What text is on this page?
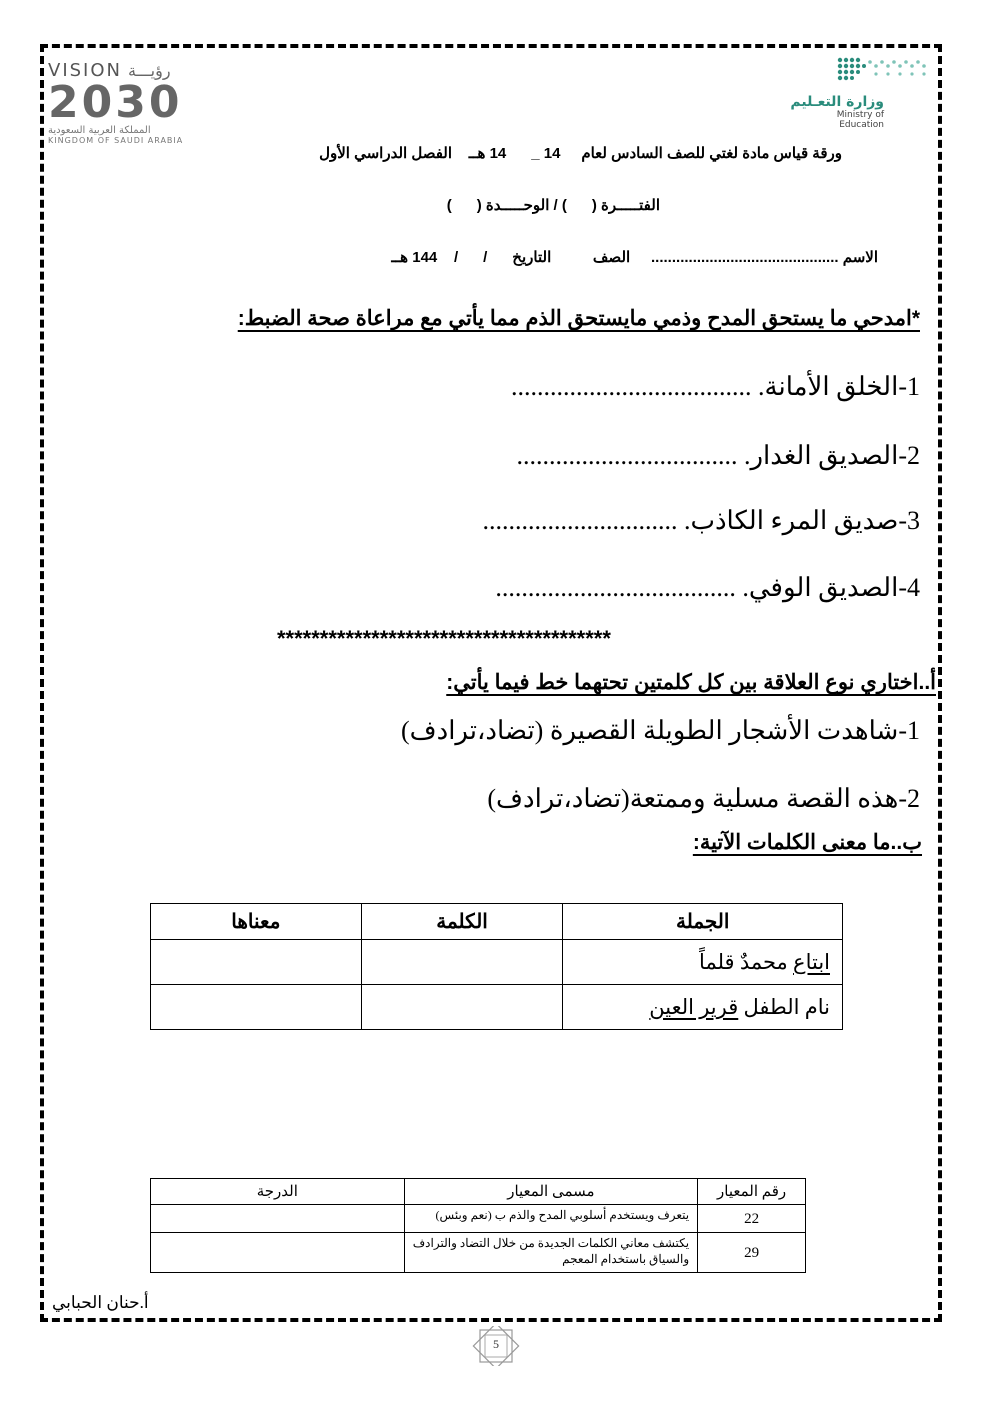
VISION رؤيـــة
2030
المملكة العربية السعودية
KINGDOM OF SAUDI ARABIA
وزارة التعـليم
Ministry of Education
ورقة قياس مادة لغتي للصف السادس لعام     14 _      14 هــ    الفصل الدراسي الأول
الفتـــــرة (      ) / الوحـــــدة (      )
الاسم .............................................     الصف          التاريخ      /      /    144 هــ
*امدحي ما يستحق المدح وذمي مايستحق الذم مما يأتي مع مراعاة صحة الضبط:
1-الخلق الأمانة. .....................................
2-الصديق الغدار. ..................................
3-صديق المرء الكاذب. ..............................
4-الصديق الوفي. .....................................
***************************************
أ..اختاري نوع العلاقة بين كل كلمتين تحتهما خط فيما يأتي:
1-شاهدت الأشجار الطويلة القصيرة (تضاد،ترادف)
2-هذه القصة مسلية وممتعة(تضاد،ترادف)
ب..ما معنى الكلمات الآتية:
الجملة	الكلمة	معناها
ابتاع محمدٌ قلماً		
نام الطفل قرير العين		
رقم المعيار	مسمى المعيار	الدرجة
22	يتعرف ويستخدم أسلوبي المدح والذم ب (نعم وبئس)	
29	يكتشف معاني الكلمات الجديدة من خلال التضاد والترادف والسياق باستخدام المعجم	
أ.حنان الحبابي
5
